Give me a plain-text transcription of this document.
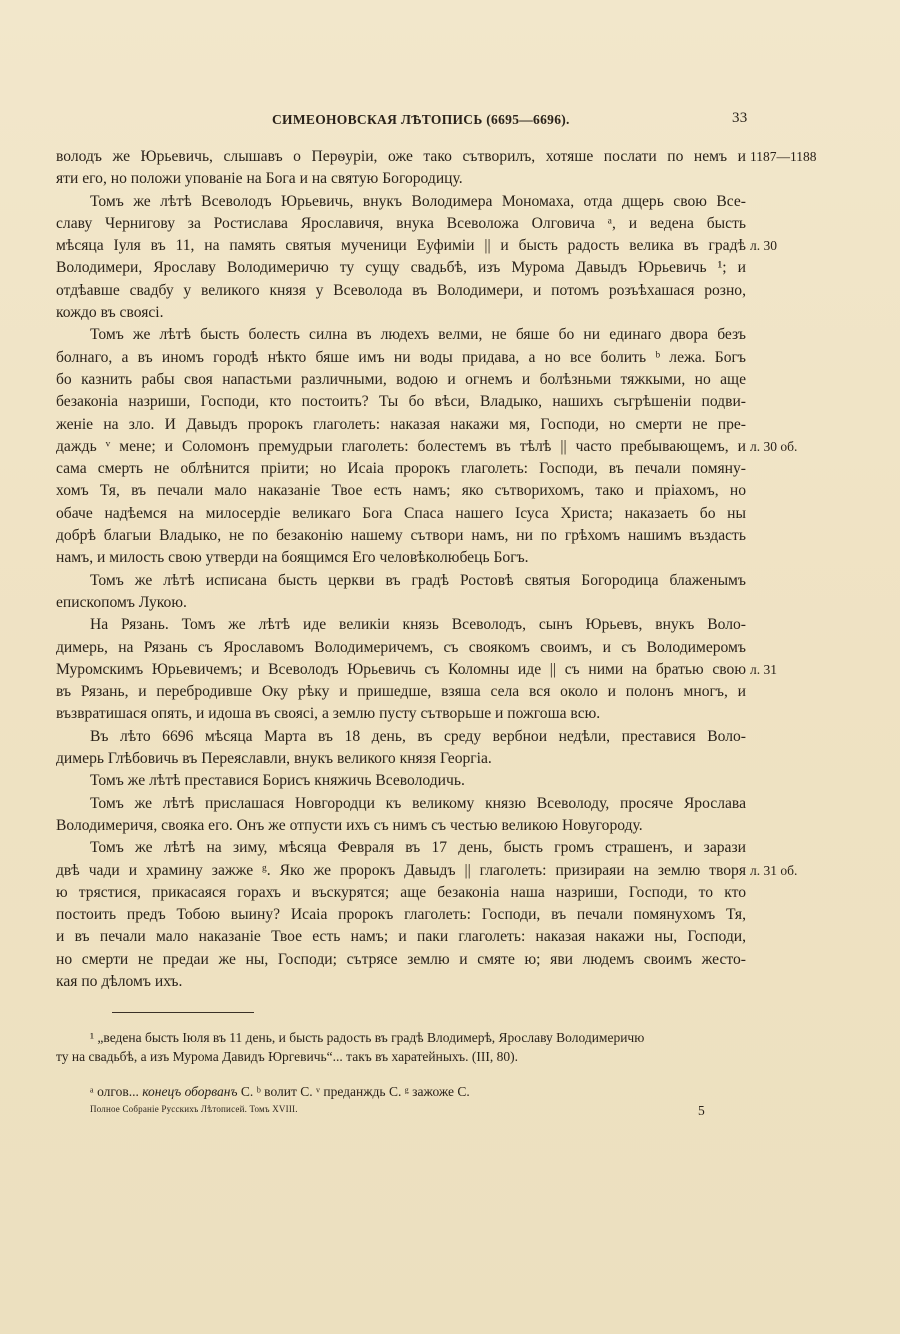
СИМЕОНОВСКАЯ ЛѢТОПИСЬ (6695—6696).	33
володъ же Юрьевичь, слышавъ о Перѳуріи, оже тако сътворилъ, хотяше послати по немъ и 1187—1188
яти его, но положи упованіе на Бога и на святую Богородицу.
Томъ же лѣтѣ Всеволодъ Юрьевичь, внукъ Володимера Мономаха, отда дщерь свою Все-
славу Чернигову за Ростислава Ярославичя, внука Всеволожа Олговича ᵃ, и ведена бысть
мѣсяца Іуля въ 11, на память святыя мученици Еуфиміи || и бысть радость велика въ градѣ л. 30
Володимери, Ярославу Володимеричю ту сущу свадьбѣ, изъ Мурома Давыдъ Юрьевичь ¹; и
отдѣавше свадбу у великого князя у Всеволода въ Володимери, и потомъ розъѣхашася розно,
кождо въ своясі.
Томъ же лѣтѣ бысть болесть силна въ людехъ велми, не бяше бо ни единаго двора безъ
болнаго, а въ иномъ городѣ нѣкто бяше имъ ни воды придава, а но все болить ᵇ лежа. Богъ
бо казнить рабы своя напастьми различными, водою и огнемъ и болѣзньми тяжкыми, но аще
безаконіа назриши, Господи, кто постоить? Ты бо вѣси, Владыко, нашихъ съгрѣшеніи подви-
женіе на зло. И Давыдъ пророкъ глаголеть: наказая накажи мя, Господи, но смерти не пре-
даждь ᵛ мене; и Соломонъ премудрыи глаголеть: болестемъ въ тѣлѣ || часто пребывающемъ, и л. 30 об.
сама смерть не облѣнится пріити; но Исаіа пророкъ глаголеть: Господи, въ печали помяну-
хомъ Тя, въ печали мало наказаніе Твое есть намъ; яко сътворихомъ, тако и пріахомъ, но
обаче надѣемся на милосердіе великаго Бога Спаса нашего Ісуса Христа; наказаеть бо ны
добрѣ благыи Владыко, не по безаконію нашему сътвори намъ, ни по грѣхомъ нашимъ въздасть
намъ, и милость свою утверди на боящимся Его человѣколюбець Богъ.
Томъ же лѣтѣ исписана бысть церкви въ градѣ Ростовѣ святыя Богородица блаженымъ
епископомъ Лукою.
На Рязань. Томъ же лѣтѣ иде великіи князь Всеволодъ, сынъ Юрьевъ, внукъ Воло-
димерь, на Рязань съ Ярославомъ Володимеричемъ, съ своякомъ своимъ, и съ Володимеромъ
Муромскимъ Юрьевичемъ; и Всеволодъ Юрьевичь съ Коломны иде || съ ними на братью свою л. 31
въ Рязань, и перебродивше Оку рѣку и пришедше, взяша села вся около и полонъ многъ, и
възвратишася опять, и идоша въ своясі, а землю пусту сътворьше и пожгоша всю.
Въ лѣто 6696 мѣсяца Марта въ 18 день, въ среду вербнои недѣли, преставися Воло-
димерь Глѣбовичь въ Переяславли, внукъ великого князя Георгіа.
Томъ же лѣтѣ преставися Борисъ княжичь Всеволодичь.
Томъ же лѣтѣ прислашася Новгородци къ великому князю Всеволоду, просяче Ярослава
Володимеричя, свояка его. Онъ же отпусти ихъ съ нимъ съ честью великою Новугороду.
Томъ же лѣтѣ на зиму, мѣсяца Февраля въ 17 день, бысть громъ страшенъ, и зарази
двѣ чади и храмину зажже ᵍ. Яко же пророкъ Давыдъ || глаголеть: призираяи на землю творя л. 31 об.
ю трястися, прикасаяся горахъ и въскурятся; аще безаконіа наша назриши, Господи, то кто
постоить предъ Тобою выину? Исаіа пророкъ глаголеть: Господи, въ печали помянухомъ Тя,
и въ печали мало наказаніе Твое есть намъ; и паки глаголеть: наказая накажи ны, Господи,
но смерти не предаи же ны, Господи; сътрясе землю и смяте ю; яви людемъ своимъ жесто-
кая по дѣломъ ихъ.
¹ „ведена бысть Іюля въ 11 день, и бысть радость въ градѣ Влодимерѣ, Ярославу Володимеричю
ту на свадьбѣ, а изъ Мурома Давидъ Юргевичь“... такъ въ харатейныхъ. (III, 80).
ᵃ олгов... конецъ оборванъ С. ᵇ волит С. ᵛ преданждь С. ᵍ зажоже С.
Полное Собраніе Русскихъ Лѣтописей. Томъ XVIII.	5
